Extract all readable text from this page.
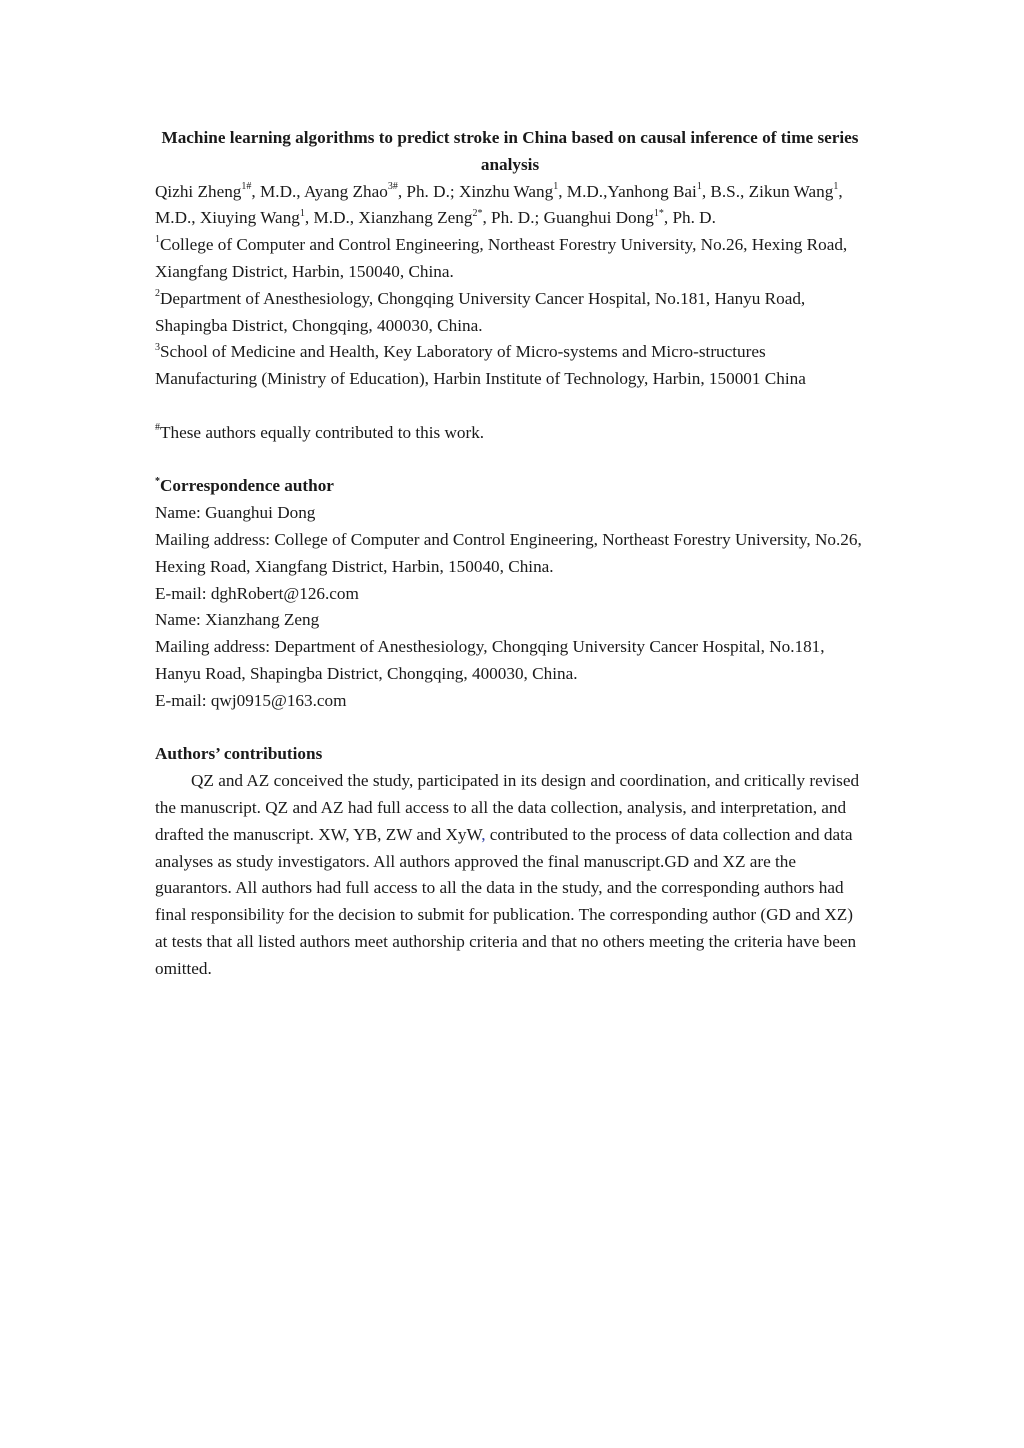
Machine learning algorithms to predict stroke in China based on causal inference of time series analysis

Qizhi Zheng$^{1\#}$, M.D., Ayang Zhao$^{3\#}$, Ph. D.; Xinzhu Wang$^1$, M.D.,Yanhong Bai$^1$, B.S., Zikun Wang$^1$, M.D., Xiuying Wang$^1$, M.D., Xianzhang Zeng$^{2*}$, Ph. D.; Guanghui Dong$^{1*}$, Ph. D.

$^1$College of Computer and Control Engineering, Northeast Forestry University, No.26, Hexing Road, Xiangfang District, Harbin, 150040, China.

$^2$Department of Anesthesiology, Chongqing University Cancer Hospital, No.181, Hanyu Road, Shapingba District, Chongqing, 400030, China.

$^3$School of Medicine and Health, Key Laboratory of Micro-systems and Micro-structures Manufacturing (Ministry of Education), Harbin Institute of Technology, Harbin, 150001 China

#These authors equally contributed to this work.

*Correspondence author

Name: Guanghui Dong

Mailing address: College of Computer and Control Engineering, Northeast Forestry University, No.26, Hexing Road, Xiangfang District, Harbin, 150040, China.

E-mail: dghRobert@126.com

Name: Xianzhang Zeng

Mailing address: Department of Anesthesiology, Chongqing University Cancer Hospital, No.181, Hanyu Road, Shapingba District, Chongqing, 400030, China.

E-mail: qwj0915@163.com

Authors’ contributions

QZ and AZ conceived the study, participated in its design and coordination, and critically revised the manuscript. QZ and AZ had full access to all the data collection, analysis, and interpretation, and drafted the manuscript. XW, YB, ZW and XyW, contributed to the process of data collection and data analyses as study investigators. All authors approved the final manuscript.GD and XZ are the guarantors. All authors had full access to all the data in the study, and the corresponding authors had final responsibility for the decision to submit for publication. The corresponding author (GD and XZ) at tests that all listed authors meet authorship criteria and that no others meeting the criteria have been omitted.
